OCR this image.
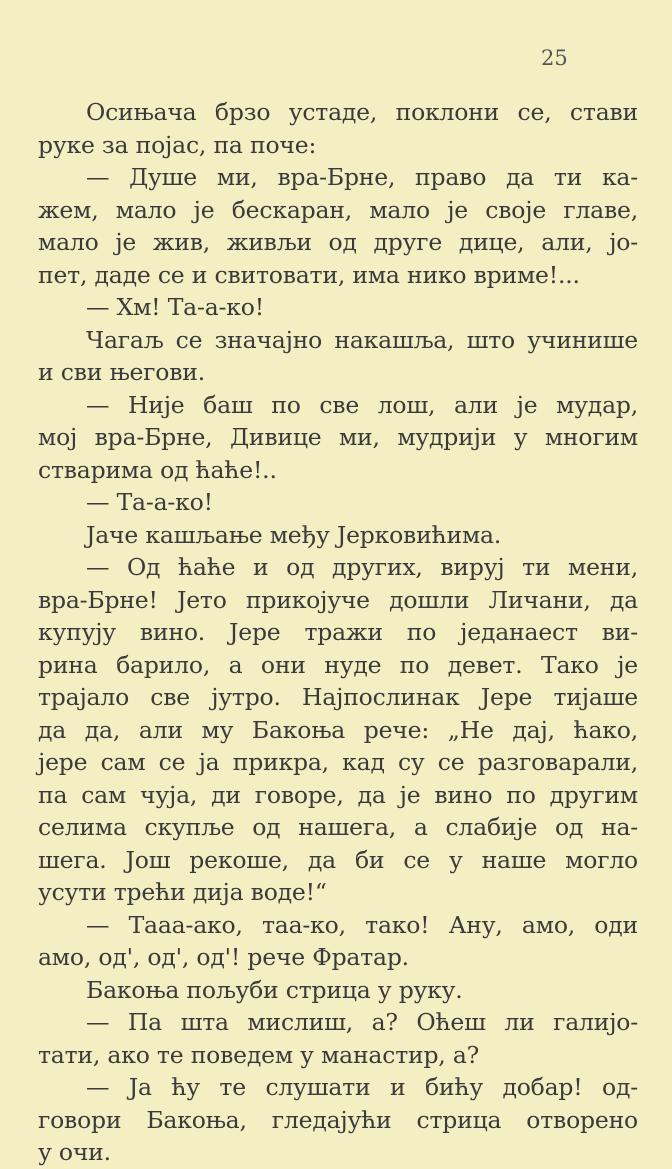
25
Осињача брзо устаде, поклони се, стави
руке за појас, па поче:
— Душе ми, вра-Брне, право да ти ка-
жем, мало је бескаран, мало је своје главе,
мало је жив, живљи од друге дице, али, јо-
пет, даде се и свитовати, има нико вриме!...
— Хм! Та-а-ко!
Чагаљ се значајно накашља, што учинише
и сви његови.
— Није баш по све лош, али је мудар,
мој вра-Брне, Дивице ми, мудрији у многим
стварима од ћаће!..
— Та-а-ко!
Јаче кашљање међу Јерковићима.
— Од ћаће и од других, вируј ти мени,
вра-Брне! Јето прикојуче дошли Личани, да
купују вино. Јере тражи по једанаест ви-
рина барило, а они нуде по девет. Тако је
трајало све јутро. Најпослинак Јере тијаше
да да, али му Бакоња рече: „Не дај, ћако,
јере сам се ја прикра, кад су се разговарали,
па сам чуја, ди говоре, да је вино по другим
селима скупље од нашега, а слабије од на-
шега. Још рекоше, да би се у наше могло
усути трећи дија воде!“
— Тааа-ако, таа-ко, тако! Ану, амо, оди
амо, од', од', од'! рече Фратар.
Бакоња пољуби стрица у руку.
— Па шта мислиш, а? Оћеш ли галијо-
тати, ако те поведем у манастир, а?
— Ја ћу те слушати и бићу добар! од-
говори Бакоња, гледајући стрица отворено
у очи.
